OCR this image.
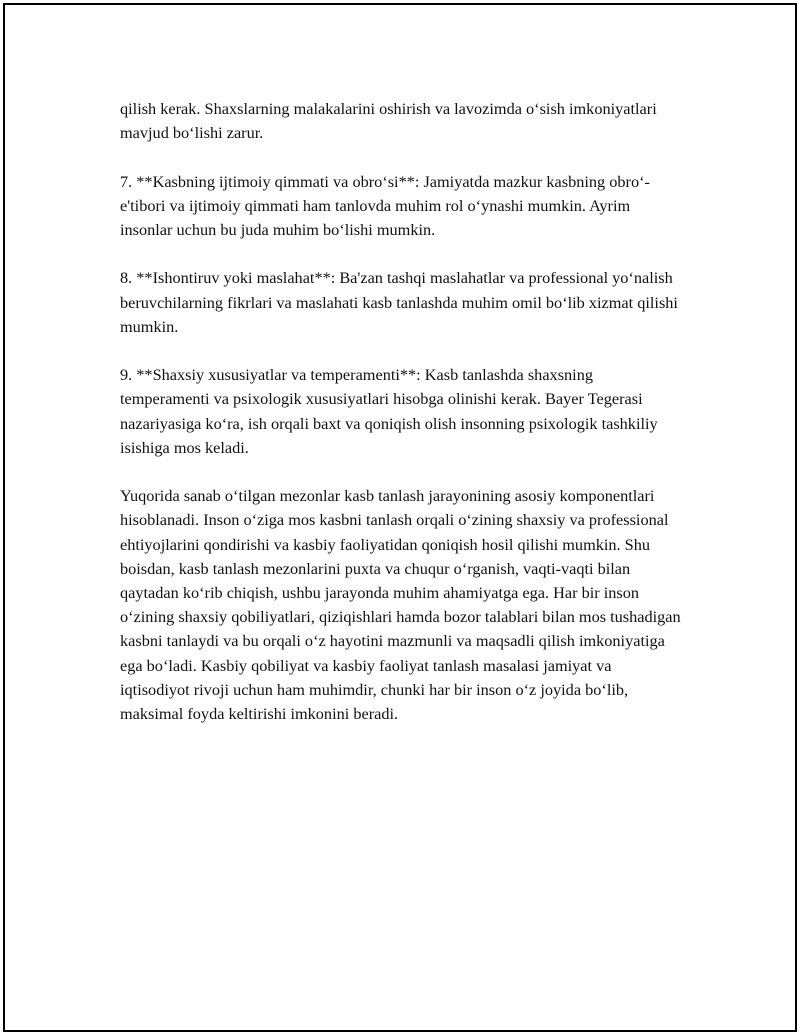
qilish kerak. Shaxslarning malakalarini oshirish va lavozimda o‘sish imkoniyatlari mavjud bo‘lishi zarur.

7. **Kasbning ijtimoiy qimmati va obro‘si**: Jamiyatda mazkur kasbning obro‘-e'tibori va ijtimoiy qimmati ham tanlovda muhim rol o‘ynashi mumkin. Ayrim insonlar uchun bu juda muhim bo‘lishi mumkin.

8. **Ishontiruv yoki maslahat**: Ba'zan tashqi maslahatlar va professional yo‘nalish beruvchilarning fikrlari va maslahati kasb tanlashda muhim omil bo‘lib xizmat qilishi mumkin.

9. **Shaxsiy xususiyatlar va temperamenti**: Kasb tanlashda shaxsning temperamenti va psixologik xususiyatlari hisobga olinishi kerak. Bayer Tegerasi nazariyasiga ko‘ra, ish orqali baxt va qoniqish olish insonning psixologik tashkiliy isishiga mos keladi.

Yuqorida sanab o‘tilgan mezonlar kasb tanlash jarayonining asosiy komponentlari hisoblanadi. Inson o‘ziga mos kasbni tanlash orqali o‘zining shaxsiy va professional ehtiyojlarini qondirishi va kasbiy faoliyatidan qoniqish hosil qilishi mumkin. Shu boisdan, kasb tanlash mezonlarini puxta va chuqur o‘rganish, vaqti-vaqti bilan qaytadan ko‘rib chiqish, ushbu jarayonda muhim ahamiyatga ega. Har bir inson o‘zining shaxsiy qobiliyatlari, qiziqishlari hamda bozor talablari bilan mos tushadigan kasbni tanlaydi va bu orqali o‘z hayotini mazmunli va maqsadli qilish imkoniyatiga ega bo‘ladi. Kasbiy qobiliyat va kasbiy faoliyat tanlash masalasi jamiyat va iqtisodiyot rivoji uchun ham muhimdir, chunki har bir inson o‘z joyida bo‘lib, maksimal foyda keltirishi imkonini beradi.
